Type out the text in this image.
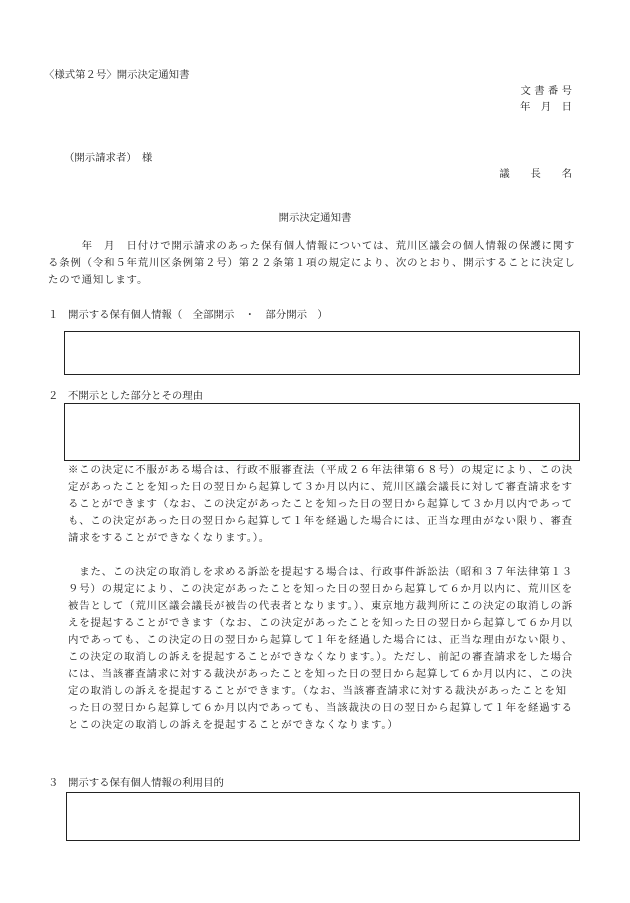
〈様式第２号〉開示決定通知書
文 書 番 号
年　月　日
（開示請求者）　様
議　　長　　名
開示決定通知書
　　　年　月　日付けで開示請求のあった保有個人情報については、荒川区議会の個人情報の保護に関する条例（令和５年荒川区条例第２号）第２２条第１項の規定により、次のとおり、開示することに決定したので通知します。
１ 開示する保有個人情報（　全部開示　・　部分開示　）
２ 不開示とした部分とその理由
※この決定に不服がある場合は、行政不服審査法（平成２６年法律第６８号）の規定により、この決定があったことを知った日の翌日から起算して３か月以内に、荒川区議会議長に対して審査請求をすることができます（なお、この決定があったことを知った日の翌日から起算して３か月以内であっても、この決定があった日の翌日から起算して１年を経過した場合には、正当な理由がない限り、審査請求をすることができなくなります。）。
　また、この決定の取消しを求める訴訟を提起する場合は、行政事件訴訟法（昭和３７年法律第１３９号）の規定により、この決定があったことを知った日の翌日から起算して６か月以内に、荒川区を被告として（荒川区議会議長が被告の代表者となります。）、東京地方裁判所にこの決定の取消しの訴えを提起することができます（なお、この決定があったことを知った日の翌日から起算して６か月以内であっても、この決定の日の翌日から起算して１年を経過した場合には、正当な理由がない限り、この決定の取消しの訴えを提起することができなくなります。）。ただし、前記の審査請求をした場合には、当該審査請求に対する裁決があったことを知った日の翌日から起算して６か月以内に、この決定の取消しの訴えを提起することができます。（なお、当該審査請求に対する裁決があったことを知った日の翌日から起算して６か月以内であっても、当該裁決の日の翌日から起算して１年を経過するとこの決定の取消しの訴えを提起することができなくなります。）
３ 開示する保有個人情報の利用目的
